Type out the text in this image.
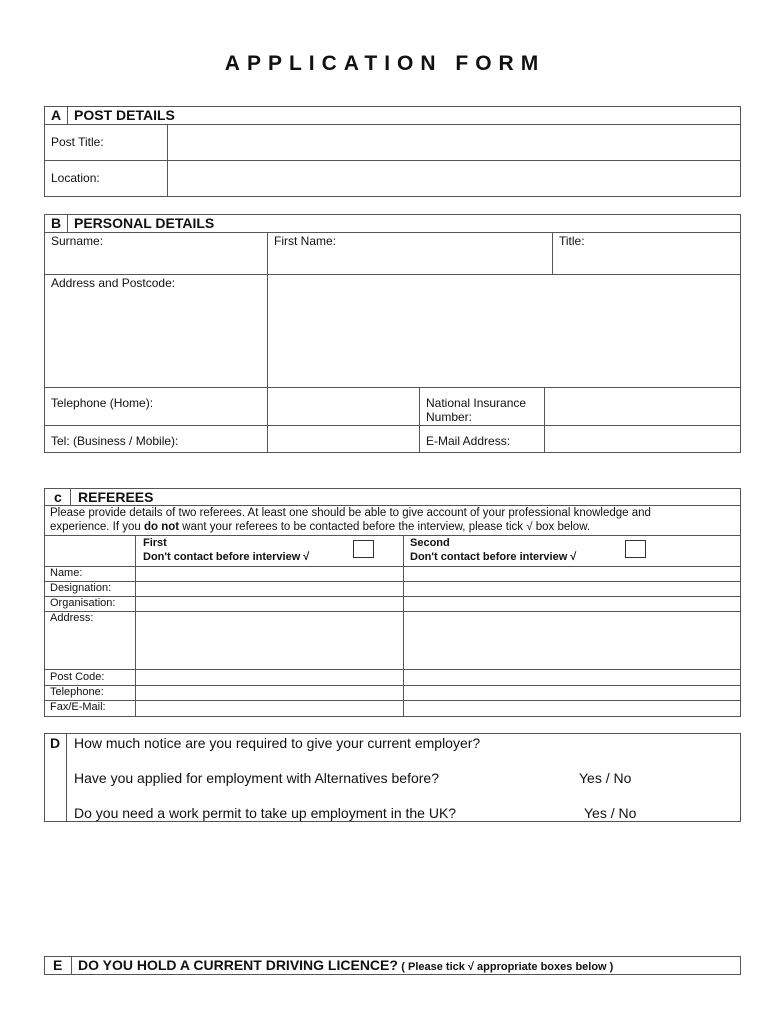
APPLICATION FORM
A POST DETAILS
Post Title:
Location:
B PERSONAL DETAILS
Surname:	First Name:	Title:
Address and Postcode:
Telephone (Home):	National Insurance
Number:
Tel: (Business / Mobile):	E-Mail Address:
c REFEREES
Please provide details of two referees. At least one should be able to give account of your professional knowledge and
experience. If you do not want your referees to be contacted before the interview, please tick √ box below.
First
Don't contact before interview √
Second
Don't contact before interview √
Name:
Designation:
Organisation:
Address:
Post Code:
Telephone:
Fax/E-Mail:
D How much notice are you required to give your current employer?
Have you applied for employment with Alternatives before?	Yes / No
Do you need a work permit to take up employment in the UK?	Yes / No
E DO YOU HOLD A CURRENT DRIVING LICENCE? ( Please tick √ appropriate boxes below )
